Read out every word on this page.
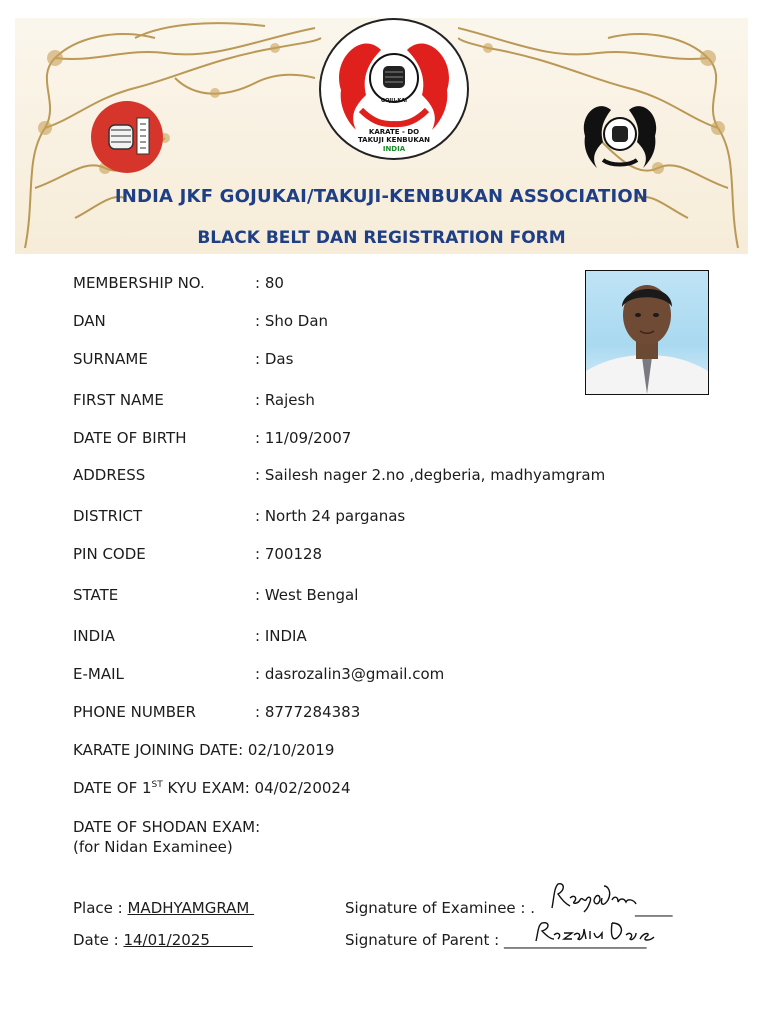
GOJU-KAI
KARATE - DO
TAKUJI KENBUKAN
INDIA
INDIA JKF GOJUKAI/TAKUJI-KENBUKAN ASSOCIATION
BLACK BELT DAN REGISTRATION FORM
MEMBERSHIP NO.	: 80
DAN	: Sho Dan
SURNAME	: Das
FIRST NAME	: Rajesh
DATE OF BIRTH	: 11/09/2007
ADDRESS	: Sailesh nager 2.no ,degberia, madhyamgram
DISTRICT	: North 24 parganas
PIN CODE	: 700128
STATE	: West Bengal
INDIA	: INDIA
E-MAIL	: dasrozalin3@gmail.com
PHONE NUMBER	: 8777284383
KARATE JOINING DATE: 02/10/2019
DATE OF 1ST KYU EXAM: 04/02/20024
DATE OF SHODAN EXAM:
(for Nidan Examinee)
Place : MADHYAMGRAM
Date : 14/01/2025
Signature of Examinee : .	_____
Signature of Parent : ___________________
